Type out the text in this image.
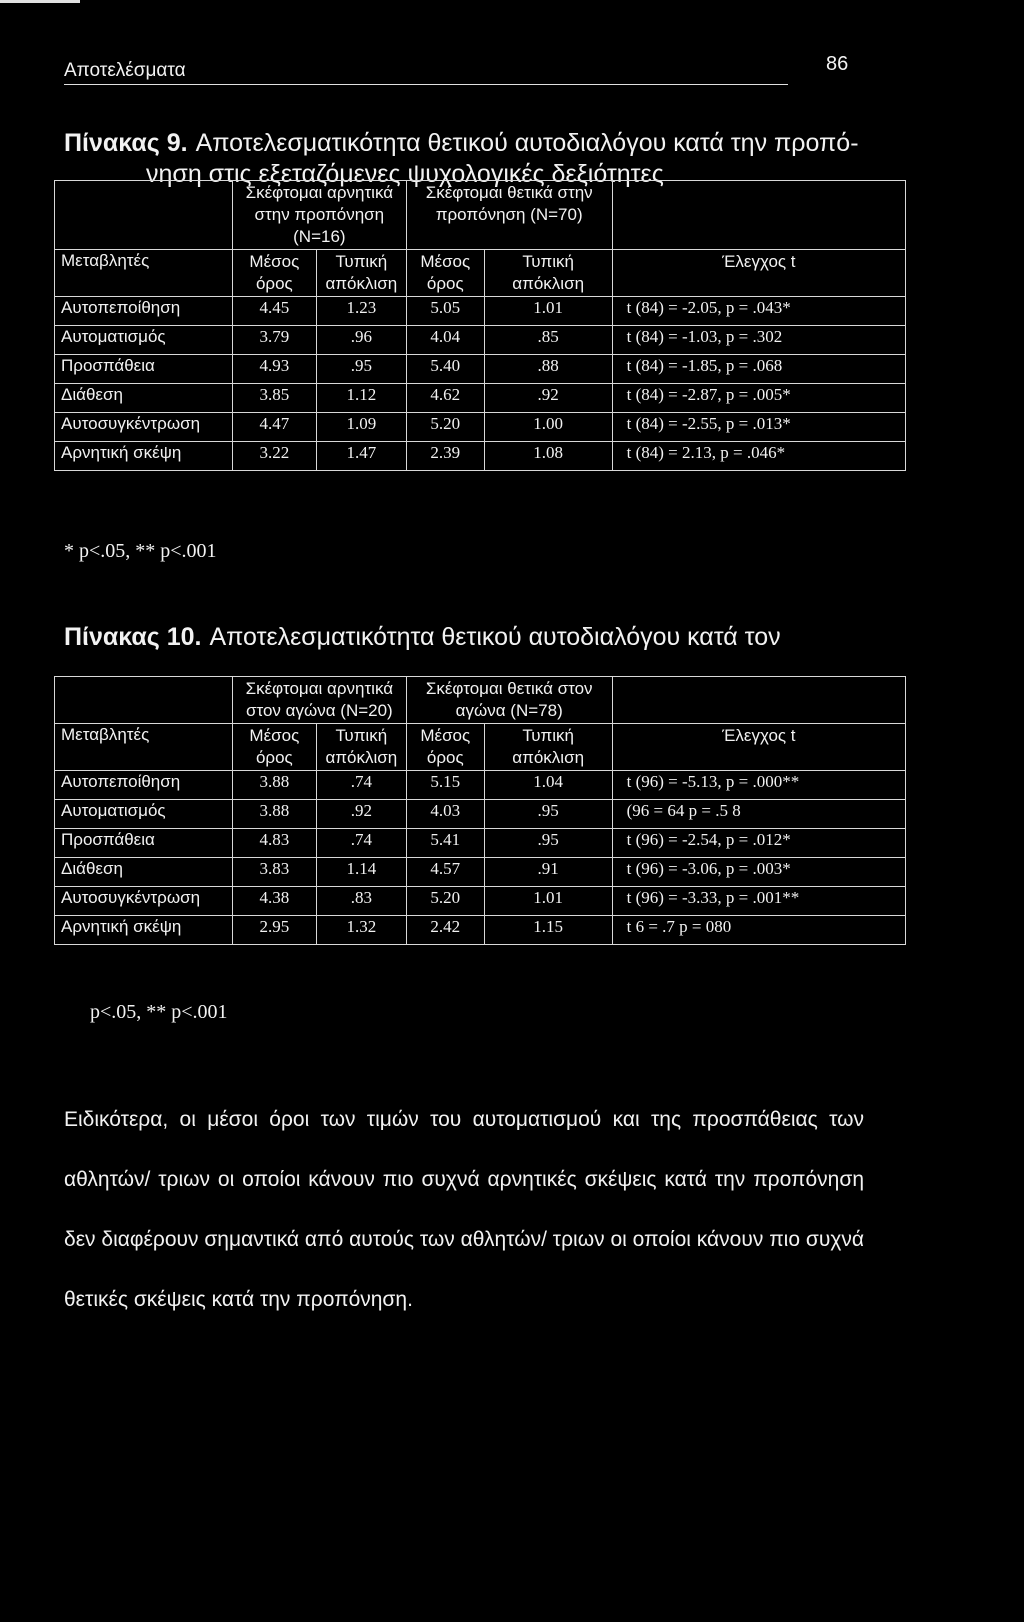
Αποτελέσματα	86
Πίνακας 9. Αποτελεσματικότητα θετικού αυτοδιαλόγου κατά την προπό-
νηση στις εξεταζόμενες ψυχολογικές δεξιότητες
	Σκέφτομαι αρνητικά στην προπόνηση (Ν=16)		Σκέφτομαι θετικά στην προπόνηση (Ν=70)		
Μεταβλητές	Μέσος όρος	Τυπική απόκλιση	Μέσος όρος	Τυπική απόκλιση	Έλεγχος t
Αυτοπεποίθηση	4.45	1.23	5.05	1.01	t (84) = -2.05, p = .043*
Αυτοματισμός	3.79	.96	4.04	.85	t (84) = -1.03, p = .302
Προσπάθεια	4.93	.95	5.40	.88	t (84) = -1.85, p = .068
Διάθεση	3.85	1.12	4.62	.92	t (84) = -2.87, p = .005*
Αυτοσυγκέντρωση	4.47	1.09	5.20	1.00	t (84) = -2.55, p = .013*
Αρνητική σκέψη	3.22	1.47	2.39	1.08	t (84) = 2.13, p = .046*
* p<.05, ** p<.001
Πίνακας 10. Αποτελεσματικότητα θετικού αυτοδιαλόγου κατά τον
	Σκέφτομαι αρνητικά στον αγώνα (Ν=20)		Σκέφτομαι θετικά στον αγώνα (Ν=78)		
Μεταβλητές	Μέσος όρος	Τυπική απόκλιση	Μέσος όρος	Τυπική απόκλιση	Έλεγχος t
Αυτοπεποίθηση	3.88	.74	5.15	1.04	t (96) = -5.13, p = .000**
Αυτοματισμός	3.88	.92	4.03	.95	(96 = 64 p = .5 8
Προσπάθεια	4.83	.74	5.41	.95	t (96) = -2.54, p = .012*
Διάθεση	3.83	1.14	4.57	.91	t (96) = -3.06, p = .003*
Αυτοσυγκέντρωση	4.38	.83	5.20	1.01	t (96) = -3.33, p = .001**
Αρνητική σκέψη	2.95	1.32	2.42	1.15	t 6 = .7 p = 080
p<.05, ** p<.001
Ειδικότερα, οι μέσοι όροι των τιμών του αυτοματισμού και της προσπάθειας των αθλητών/ τριων οι οποίοι κάνουν πιο συχνά αρνητικές σκέψεις κατά την προπόνηση δεν διαφέρουν σημαντικά από αυτούς των αθλητών/ τριων οι οποίοι κάνουν πιο συχνά θετικές σκέψεις κατά την προπόνηση.
